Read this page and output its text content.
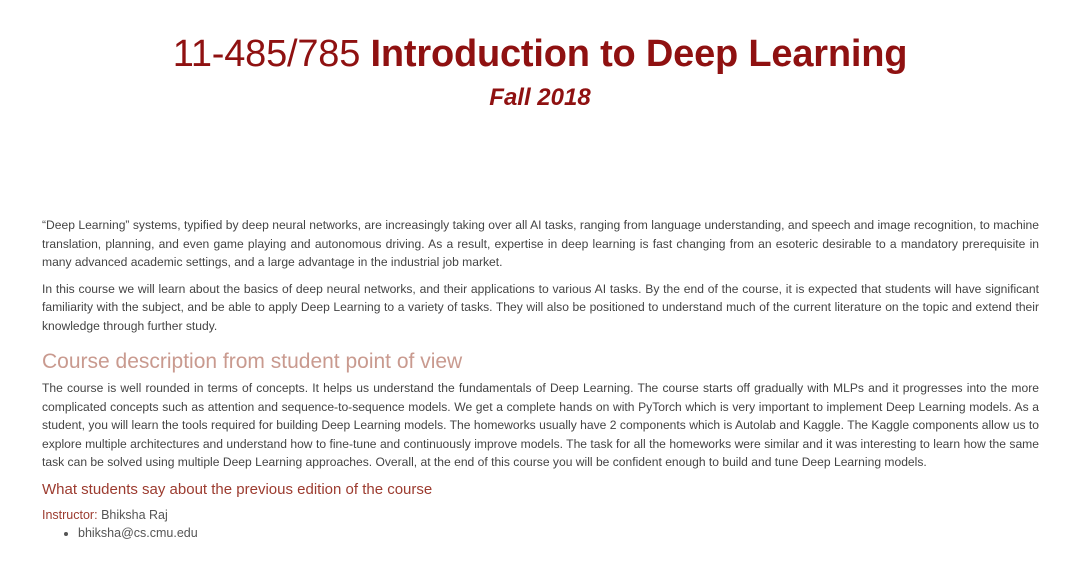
11-485/785 Introduction to Deep Learning
Fall 2018

“Deep Learning” systems, typified by deep neural networks, are increasingly taking over all AI tasks, ranging from language understanding, and speech and image recognition, to machine translation, planning, and even game playing and autonomous driving. As a result, expertise in deep learning is fast changing from an esoteric desirable to a mandatory prerequisite in many advanced academic settings, and a large advantage in the industrial job market.

In this course we will learn about the basics of deep neural networks, and their applications to various AI tasks. By the end of the course, it is expected that students will have significant familiarity with the subject, and be able to apply Deep Learning to a variety of tasks. They will also be positioned to understand much of the current literature on the topic and extend their knowledge through further study.

Course description from student point of view

The course is well rounded in terms of concepts. It helps us understand the fundamentals of Deep Learning. The course starts off gradually with MLPs and it progresses into the more complicated concepts such as attention and sequence-to-sequence models. We get a complete hands on with PyTorch which is very important to implement Deep Learning models. As a student, you will learn the tools required for building Deep Learning models. The homeworks usually have 2 components which is Autolab and Kaggle. The Kaggle components allow us to explore multiple architectures and understand how to fine-tune and continuously improve models. The task for all the homeworks were similar and it was interesting to learn how the same task can be solved using multiple Deep Learning approaches. Overall, at the end of this course you will be confident enough to build and tune Deep Learning models.

What students say about the previous edition of the course

Instructor: Bhiksha Raj

• bhiksha@cs.cmu.edu
